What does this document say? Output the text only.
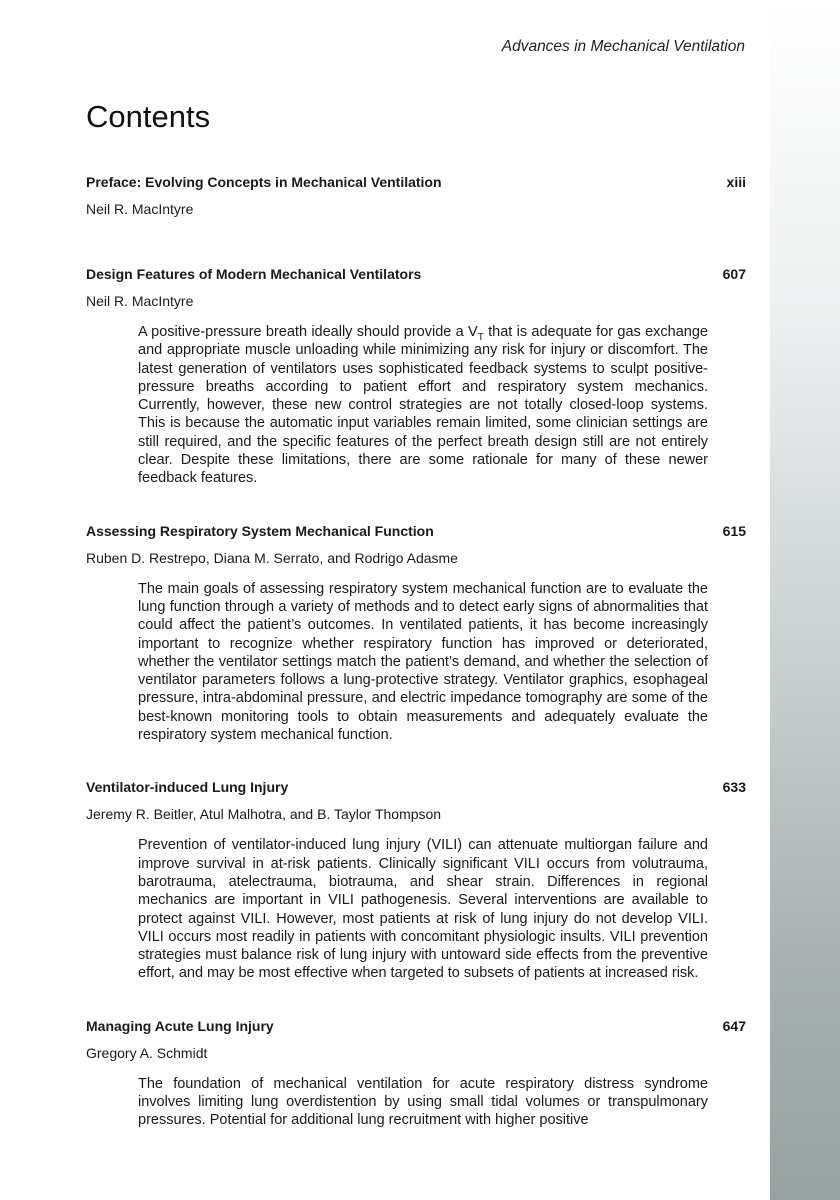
Advances in Mechanical Ventilation
Contents
Preface: Evolving Concepts in Mechanical Ventilation	xiii
Neil R. MacIntyre
Design Features of Modern Mechanical Ventilators	607
Neil R. MacIntyre
A positive-pressure breath ideally should provide a $V_T$ that is adequate for gas exchange and appropriate muscle unloading while minimizing any risk for injury or discomfort. The latest generation of ventilators uses sophisticated feedback systems to sculpt positive-pressure breaths according to patient effort and respiratory system mechanics. Currently, however, these new control strategies are not totally closed-loop systems. This is because the automatic input variables remain limited, some clinician settings are still required, and the specific features of the perfect breath design still are not entirely clear. Despite these limitations, there are some rationale for many of these newer feedback features.
Assessing Respiratory System Mechanical Function	615
Ruben D. Restrepo, Diana M. Serrato, and Rodrigo Adasme
The main goals of assessing respiratory system mechanical function are to evaluate the lung function through a variety of methods and to detect early signs of abnormalities that could affect the patient’s outcomes. In ventilated patients, it has become increasingly important to recognize whether respiratory function has improved or deteriorated, whether the ventilator settings match the patient’s demand, and whether the selection of ventilator parameters follows a lung-protective strategy. Ventilator graphics, esophageal pressure, intra-abdominal pressure, and electric impedance tomography are some of the best-known monitoring tools to obtain measurements and adequately evaluate the respiratory system mechanical function.
Ventilator-induced Lung Injury	633
Jeremy R. Beitler, Atul Malhotra, and B. Taylor Thompson
Prevention of ventilator-induced lung injury (VILI) can attenuate multiorgan failure and improve survival in at-risk patients. Clinically significant VILI occurs from volutrauma, barotrauma, atelectrauma, biotrauma, and shear strain. Differences in regional mechanics are important in VILI pathogenesis. Several interventions are available to protect against VILI. However, most patients at risk of lung injury do not develop VILI. VILI occurs most readily in patients with concomitant physiologic insults. VILI prevention strategies must balance risk of lung injury with untoward side effects from the preventive effort, and may be most effective when targeted to subsets of patients at increased risk.
Managing Acute Lung Injury	647
Gregory A. Schmidt
The foundation of mechanical ventilation for acute respiratory distress syndrome involves limiting lung overdistention by using small tidal volumes or transpulmonary pressures. Potential for additional lung recruitment with higher positive
